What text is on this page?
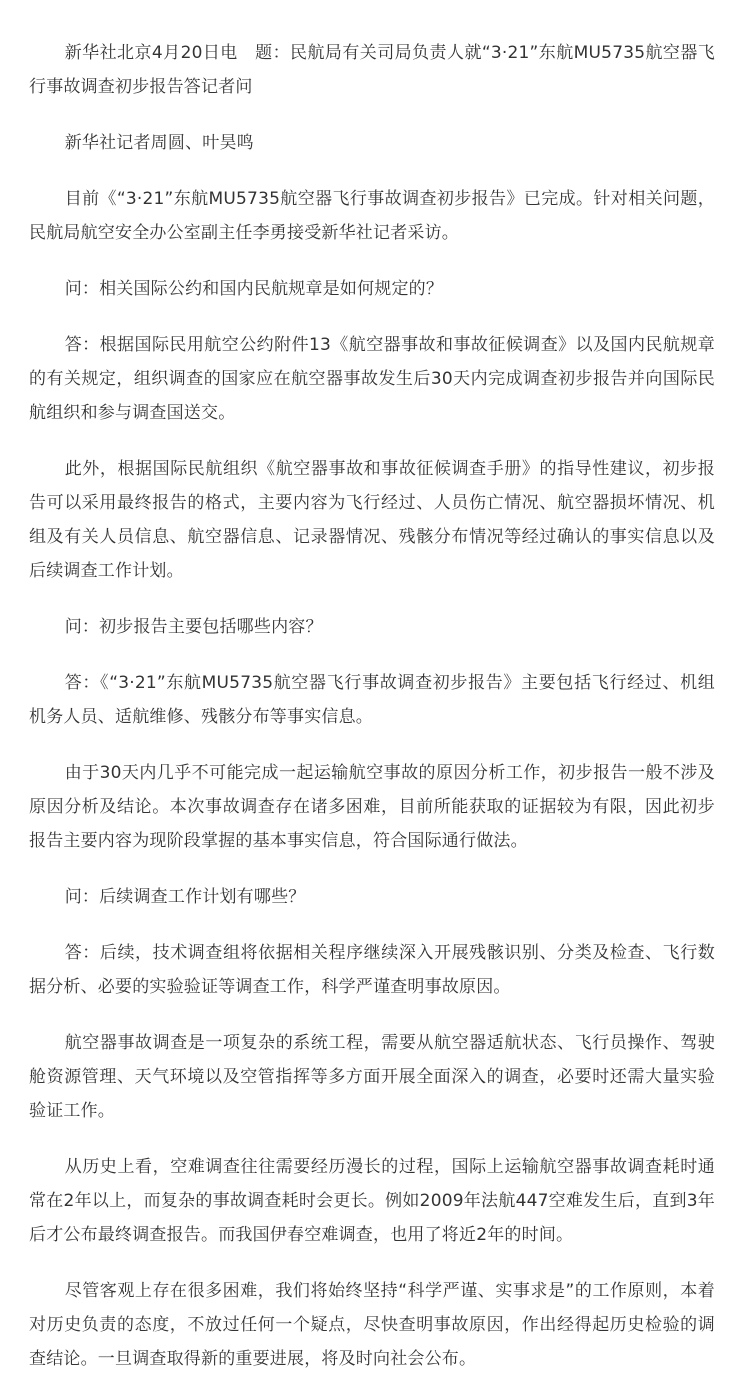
新华社北京4月20日电　题：民航局有关司局负责人就“3·21”东航MU5735航空器飞行事故调查初步报告答记者问

新华社记者周圆、叶昊鸣

目前《“3·21”东航MU5735航空器飞行事故调查初步报告》已完成。针对相关问题，民航局航空安全办公室副主任李勇接受新华社记者采访。

问：相关国际公约和国内民航规章是如何规定的？

答：根据国际民用航空公约附件13《航空器事故和事故征候调查》以及国内民航规章的有关规定，组织调查的国家应在航空器事故发生后30天内完成调查初步报告并向国际民航组织和参与调查国送交。

此外，根据国际民航组织《航空器事故和事故征候调查手册》的指导性建议，初步报告可以采用最终报告的格式，主要内容为飞行经过、人员伤亡情况、航空器损坏情况、机组及有关人员信息、航空器信息、记录器情况、残骸分布情况等经过确认的事实信息以及后续调查工作计划。

问：初步报告主要包括哪些内容？

答：《“3·21”东航MU5735航空器飞行事故调查初步报告》主要包括飞行经过、机组机务人员、适航维修、残骸分布等事实信息。

由于30天内几乎不可能完成一起运输航空事故的原因分析工作，初步报告一般不涉及原因分析及结论。本次事故调查存在诸多困难，目前所能获取的证据较为有限，因此初步报告主要内容为现阶段掌握的基本事实信息，符合国际通行做法。

问：后续调查工作计划有哪些？

答：后续，技术调查组将依据相关程序继续深入开展残骸识别、分类及检查、飞行数据分析、必要的实验验证等调查工作，科学严谨查明事故原因。

航空器事故调查是一项复杂的系统工程，需要从航空器适航状态、飞行员操作、驾驶舱资源管理、天气环境以及空管指挥等多方面开展全面深入的调查，必要时还需大量实验验证工作。

从历史上看，空难调查往往需要经历漫长的过程，国际上运输航空器事故调查耗时通常在2年以上，而复杂的事故调查耗时会更长。例如2009年法航447空难发生后，直到3年后才公布最终调查报告。而我国伊春空难调查，也用了将近2年的时间。

尽管客观上存在很多困难，我们将始终坚持“科学严谨、实事求是”的工作原则，本着对历史负责的态度，不放过任何一个疑点，尽快查明事故原因，作出经得起历史检验的调查结论。一旦调查取得新的重要进展，将及时向社会公布。
